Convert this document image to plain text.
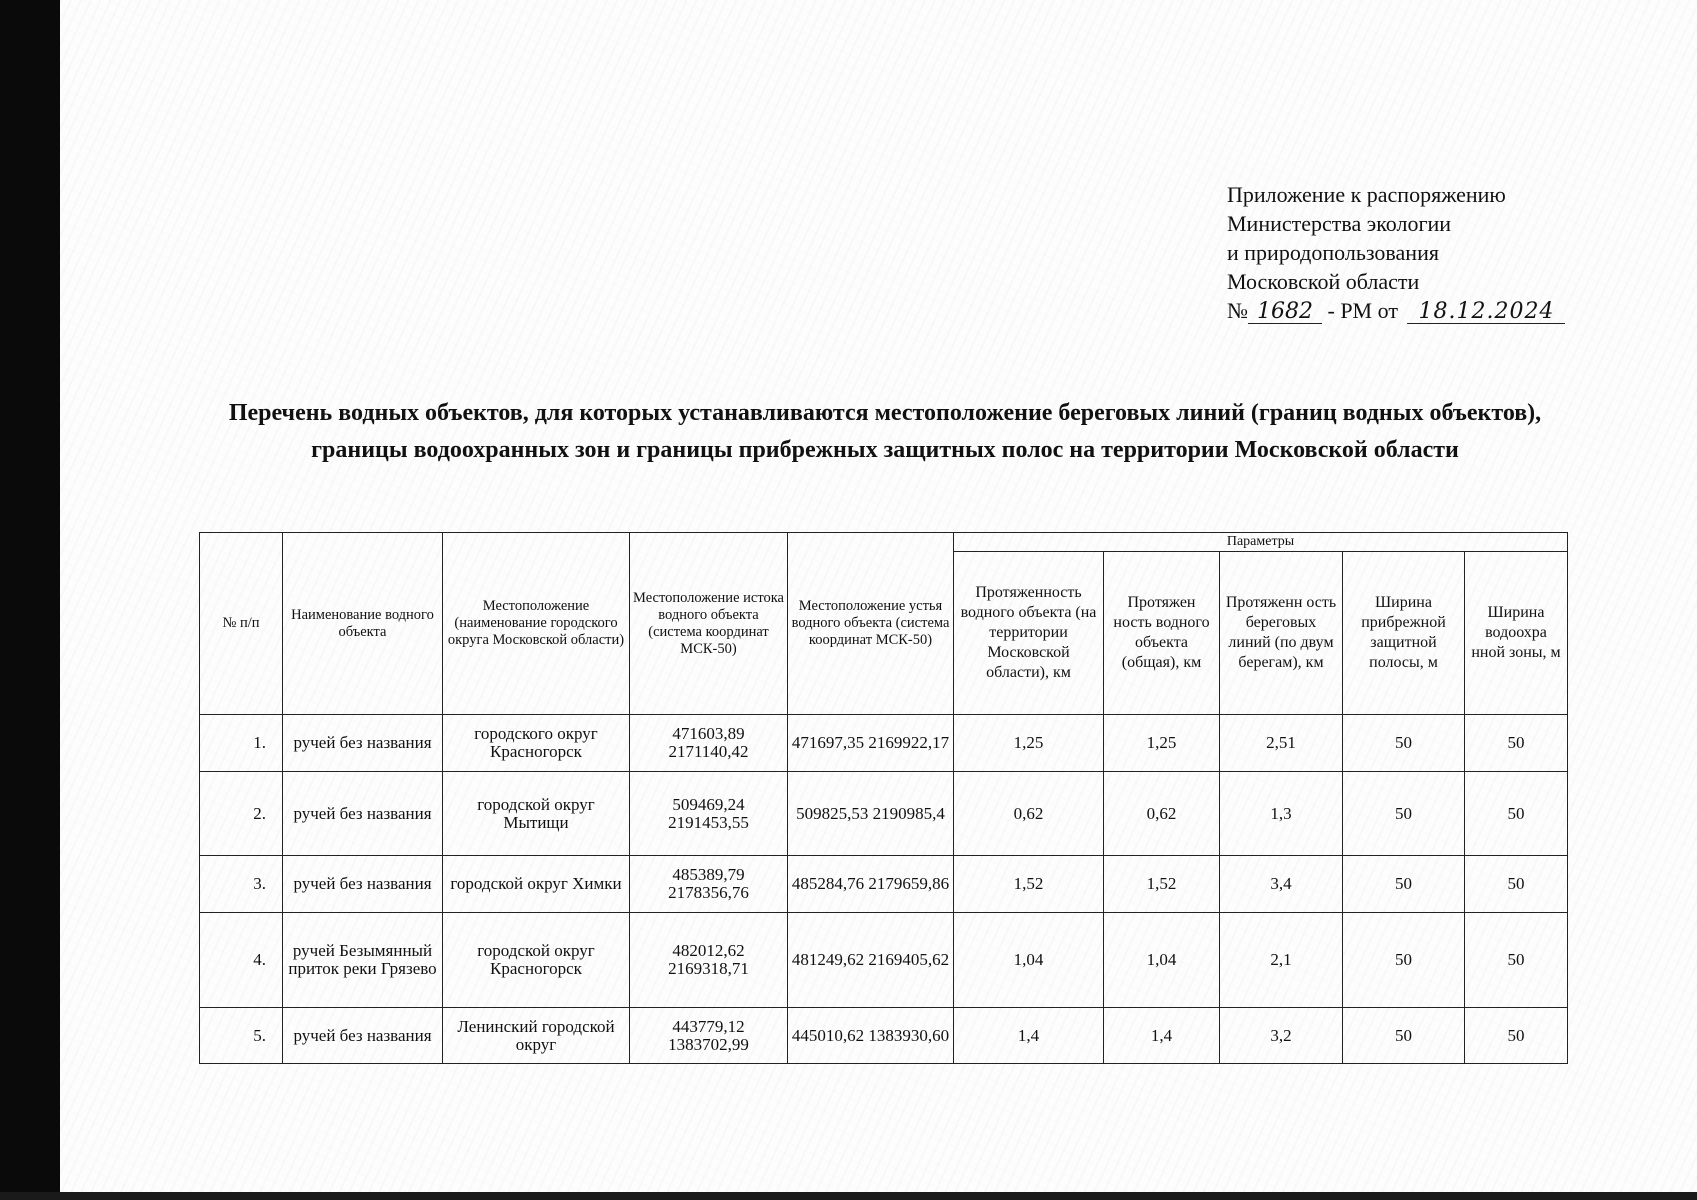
Приложение к распоряжению
Министерства экологии
и природопользования
Московской области
№ 1682 - РМ от 18.12.2024
Перечень водных объектов, для которых устанавливаются местоположение береговых линий (границ водных объектов), границы водоохранных зон и границы прибрежных защитных полос на территории Московской области
№ п/п	Наименование водного объекта	Местоположение (наименование городского округа Московской области)	Местоположение истока водного объекта (система координат МСК-50)	Местоположение устья водного объекта (система координат МСК-50)	Параметры				
					Протяженность водного объекта (на территории Московской области), км	Протяжен ность водного объекта (общая), км	Протяженн ость береговых линий (по двум берегам), км	Ширина прибрежной защитной полосы, м	Ширина водоохра нной зоны, м
1.	ручей без названия	городского округ Красногорск	471603,89 2171140,42	471697,35 2169922,17	1,25	1,25	2,51	50	50
2.	ручей без названия	городской округ Мытищи	509469,24 2191453,55	509825,53 2190985,4	0,62	0,62	1,3	50	50
3.	ручей без названия	городской округ Химки	485389,79 2178356,76	485284,76 2179659,86	1,52	1,52	3,4	50	50
4.	ручей Безымянный приток реки Грязево	городской округ Красногорск	482012,62 2169318,71	481249,62 2169405,62	1,04	1,04	2,1	50	50
5.	ручей без названия	Ленинский городской округ	443779,12 1383702,99	445010,62 1383930,60	1,4	1,4	3,2	50	50
